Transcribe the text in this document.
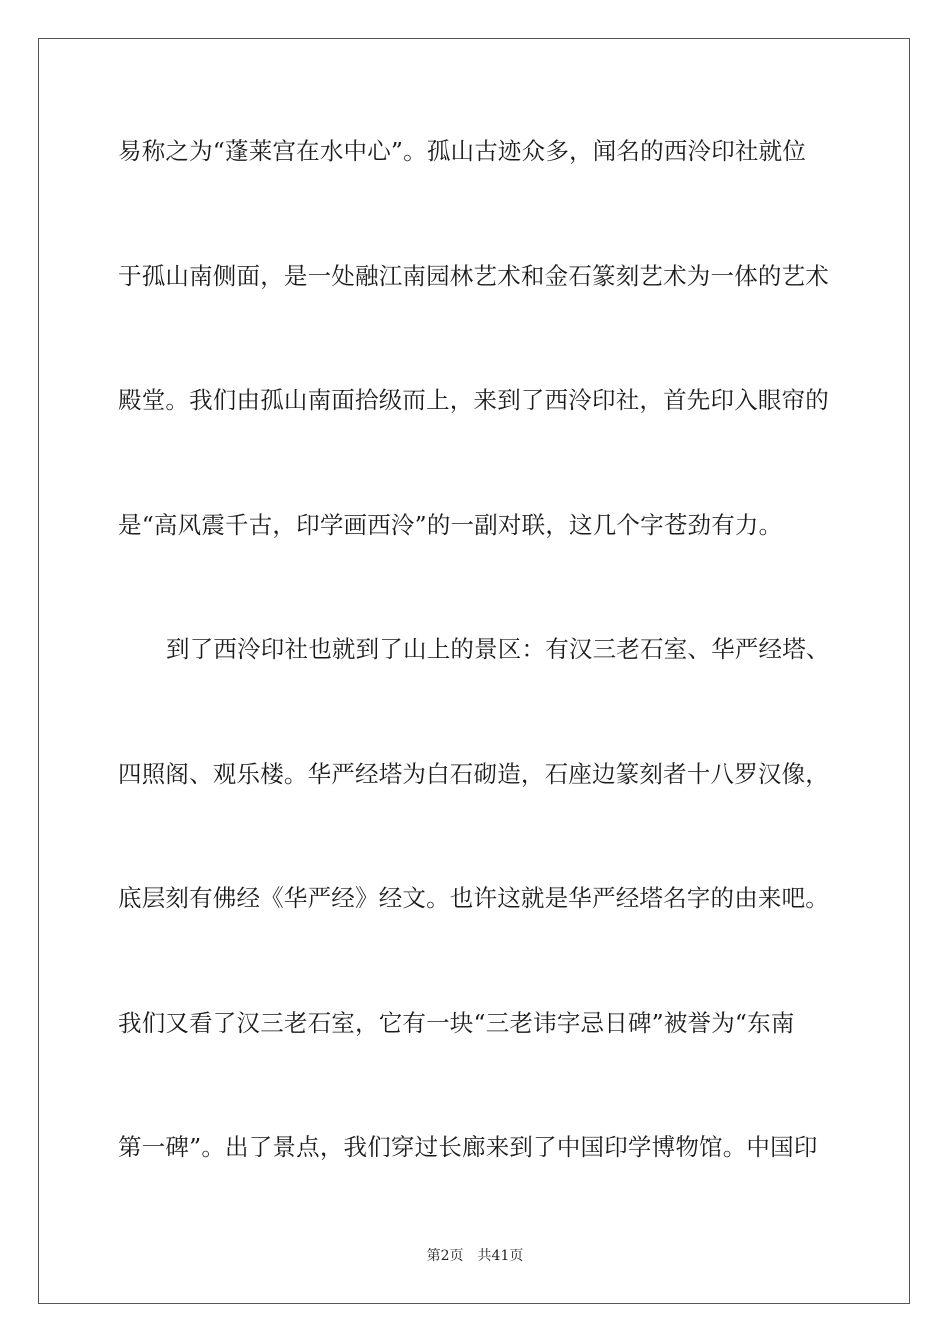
易称之为“蓬莱宫在水中心”。孤山古迹众多，闻名的西泠印社就位
于孤山南侧面，是一处融江南园林艺术和金石篆刻艺术为一体的艺术
殿堂。我们由孤山南面拾级而上，来到了西泠印社，首先印入眼帘的
是“高风震千古，印学画西泠”的一副对联，这几个字苍劲有力。
到了西泠印社也就到了山上的景区：有汉三老石室、华严经塔、
四照阁、观乐楼。华严经塔为白石砌造，石座边篆刻者十八罗汉像，
底层刻有佛经《华严经》经文。也许这就是华严经塔名字的由来吧。
我们又看了汉三老石室，它有一块“三老讳字忌日碑”被誉为“东南
第一碑”。出了景点，我们穿过长廊来到了中国印学博物馆。中国印
第2页 共41页
